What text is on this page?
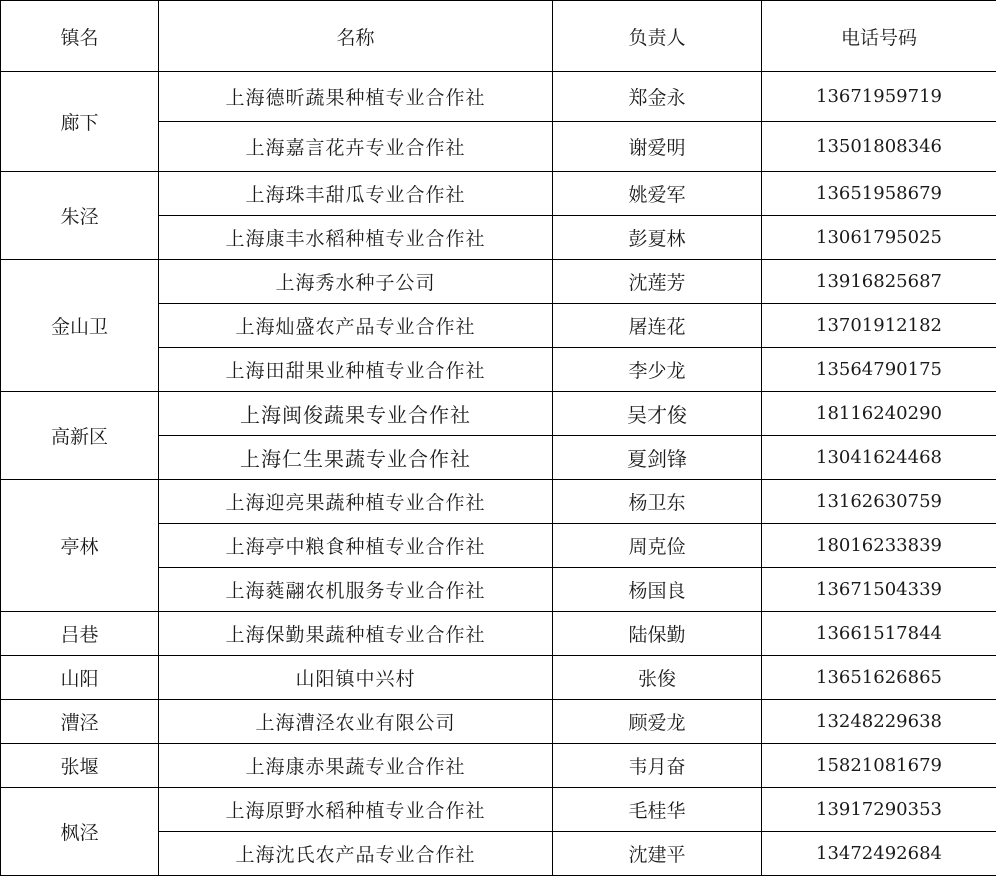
镇名	名称	负责人	电话号码
廊下	上海德昕蔬果种植专业合作社	郑金永	13671959719
	上海嘉言花卉专业合作社	谢爱明	13501808346
朱泾	上海珠丰甜瓜专业合作社	姚爱军	13651958679
	上海康丰水稻种植专业合作社	彭夏林	13061795025
金山卫	上海秀水种子公司	沈莲芳	13916825687
	上海灿盛农产品专业合作社	屠连花	13701912182
	上海田甜果业种植专业合作社	李少龙	13564790175
高新区	上海闽俊蔬果专业合作社	吴才俊	18116240290
	上海仁生果蔬专业合作社	夏剑锋	13041624468
亭林	上海迎亮果蔬种植专业合作社	杨卫东	13162630759
	上海亭中粮食种植专业合作社	周克俭	18016233839
	上海蕤翮农机服务专业合作社	杨国良	13671504339
吕巷	上海保勤果蔬种植专业合作社	陆保勤	13661517844
山阳	山阳镇中兴村	张俊	13651626865
漕泾	上海漕泾农业有限公司	顾爱龙	13248229638
张堰	上海康赤果蔬专业合作社	韦月奋	15821081679
枫泾	上海原野水稻种植专业合作社	毛桂华	13917290353
	上海沈氏农产品专业合作社	沈建平	13472492684
